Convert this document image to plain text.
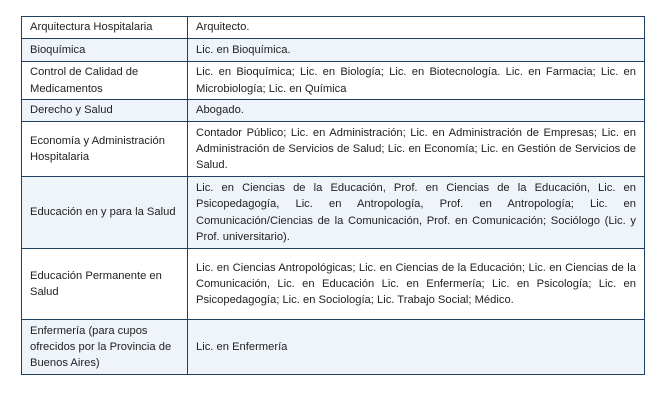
Arquitectura Hospitalaria	Arquitecto.
Bioquímica	Lic. en Bioquímica.
Control de Calidad de Medicamentos	Lic. en Bioquímica; Lic. en Biología; Lic. en Biotecnología. Lic. en Farmacia; Lic. en Microbiología; Lic. en Química
Derecho y Salud	Abogado.
Economía y Administración Hospitalaria	Contador Público; Lic. en Administración; Lic. en Administración de Empresas; Lic. en Administración de Servicios de Salud; Lic. en Economía; Lic. en Gestión de Servicios de Salud.
Educación en y para la Salud	Lic. en Ciencias de la Educación, Prof. en Ciencias de la Educación, Lic. en Psicopedagogía, Lic. en Antropología, Prof. en Antropología; Lic. en Comunicación/Ciencias de la Comunicación, Prof. en Comunicación; Sociólogo (Lic. y Prof. universitario).
Educación Permanente en Salud	Lic. en Ciencias Antropológicas; Lic. en Ciencias de la Educación; Lic. en Ciencias de la Comunicación, Lic. en Educación Lic. en Enfermería; Lic. en Psicología; Lic. en Psicopedagogía; Lic. en Sociología; Lic. Trabajo Social; Médico.
Enfermería (para cupos ofrecidos por la Provincia de Buenos Aires)	Lic. en Enfermería
